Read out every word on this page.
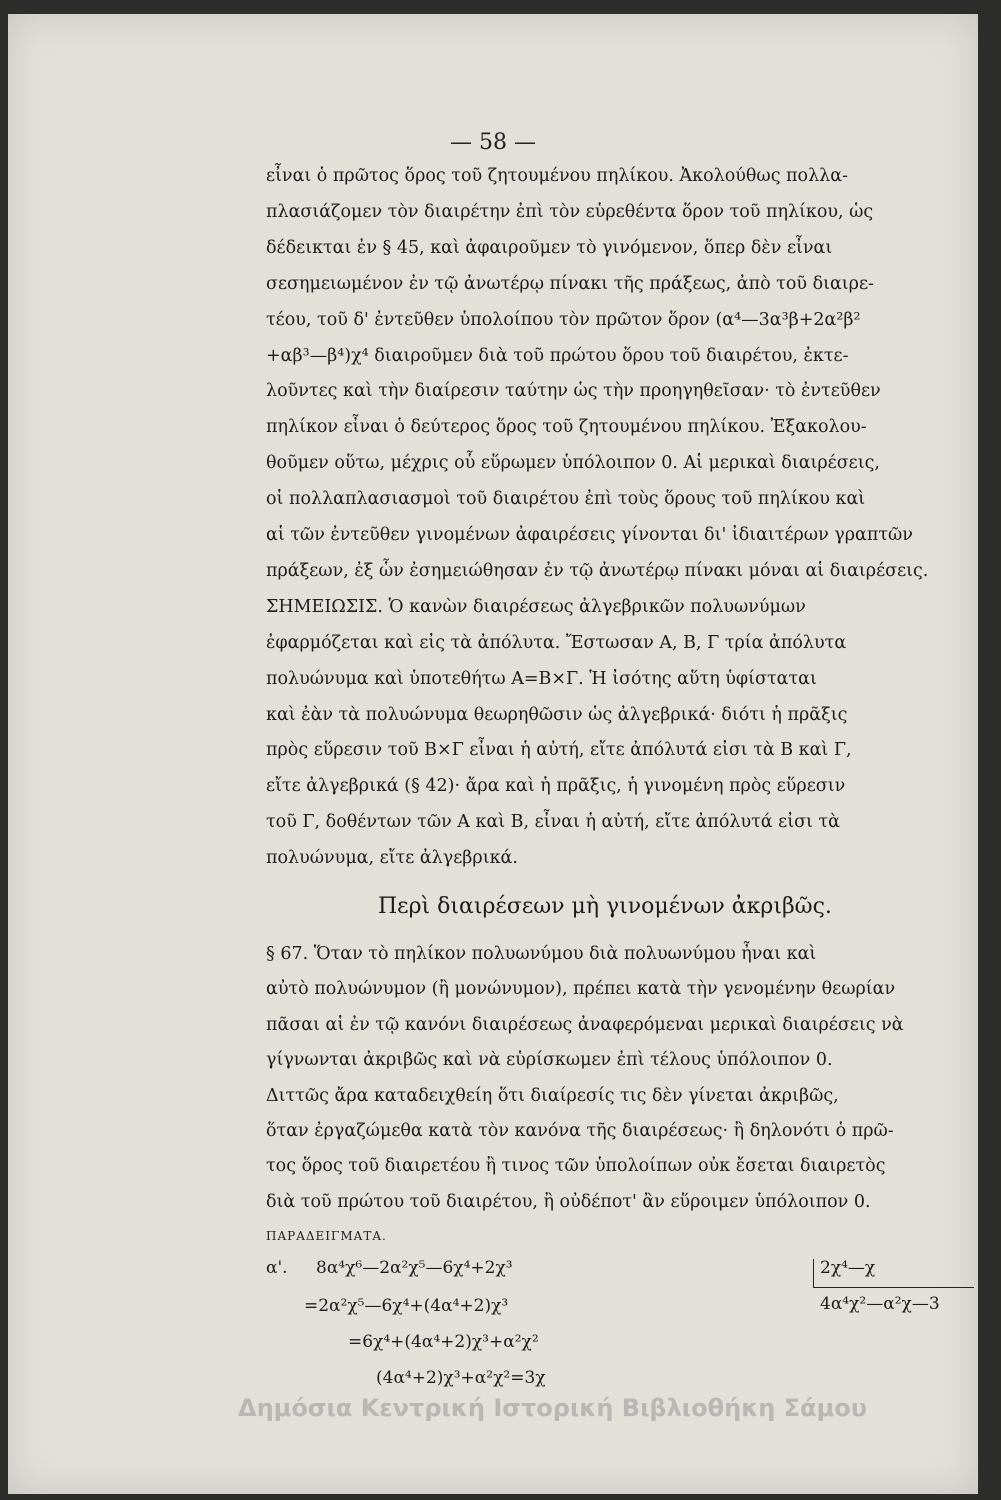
— 58 —
εἶναι ὁ πρῶτος ὅρος τοῦ ζητουμένου πηλίκου. Ἀκολούθως πολλα-
πλασιάζομεν τὸν διαιρέτην ἐπὶ τὸν εὑρεθέντα ὅρον τοῦ πηλίκου, ὡς
δέδεικται ἐν § 45, καὶ ἀφαιροῦμεν τὸ γινόμενον, ὅπερ δὲν εἶναι
σεσημειωμένον ἐν τῷ ἀνωτέρῳ πίνακι τῆς πράξεως, ἀπὸ τοῦ διαιρε-
τέου, τοῦ δ' ἐντεῦθεν ὑπολοίπου τὸν πρῶτον ὅρον (α⁴—3α³β+2α²β²
+αβ³—β⁴)χ⁴ διαιροῦμεν διὰ τοῦ πρώτου ὅρου τοῦ διαιρέτου, ἐκτε-
λοῦντες καὶ τὴν διαίρεσιν ταύτην ὡς τὴν προηγηθεῖσαν· τὸ ἐντεῦθεν
πηλίκον εἶναι ὁ δεύτερος ὅρος τοῦ ζητουμένου πηλίκου. Ἐξακολου-
θοῦμεν οὕτω, μέχρις οὗ εὕρωμεν ὑπόλοιπον 0. Αἱ μερικαὶ διαιρέσεις,
οἱ πολλαπλασιασμοὶ τοῦ διαιρέτου ἐπὶ τοὺς ὅρους τοῦ πηλίκου καὶ
αἱ τῶν ἐντεῦθεν γινομένων ἀφαιρέσεις γίνονται δι' ἰδιαιτέρων γραπτῶν
πράξεων, ἐξ ὧν ἐσημειώθησαν ἐν τῷ ἀνωτέρῳ πίνακι μόναι αἱ διαιρέσεις.
ΣΗΜΕΙΩΣΙΣ. Ὁ κανὼν διαιρέσεως ἀλγεβρικῶν πολυωνύμων
ἐφαρμόζεται καὶ εἰς τὰ ἀπόλυτα. Ἔστωσαν Α, Β, Γ τρία ἀπόλυτα
πολυώνυμα καὶ ὑποτεθήτω Α=Β×Γ. Ἡ ἰσότης αὕτη ὑφίσταται
καὶ ἐὰν τὰ πολυώνυμα θεωρηθῶσιν ὡς ἀλγεβρικά· διότι ἡ πρᾶξις
πρὸς εὕρεσιν τοῦ Β×Γ εἶναι ἡ αὐτή, εἴτε ἀπόλυτά εἰσι τὰ Β καὶ Γ,
εἴτε ἀλγεβρικά (§ 42)· ἄρα καὶ ἡ πρᾶξις, ἡ γινομένη πρὸς εὕρεσιν
τοῦ Γ, δοθέντων τῶν Α καὶ Β, εἶναι ἡ αὐτή, εἴτε ἀπόλυτά εἰσι τὰ
πολυώνυμα, εἴτε ἀλγεβρικά.
Περὶ διαιρέσεων μὴ γινομένων ἀκριβῶς.
§ 67. Ὅταν τὸ πηλίκον πολυωνύμου διὰ πολυωνύμου ἦναι καὶ
αὐτὸ πολυώνυμον (ἢ μονώνυμον), πρέπει κατὰ τὴν γενομένην θεωρίαν
πᾶσαι αἱ ἐν τῷ κανόνι διαιρέσεως ἀναφερόμεναι μερικαὶ διαιρέσεις νὰ
γίγνωνται ἀκριβῶς καὶ νὰ εὑρίσκωμεν ἐπὶ τέλους ὑπόλοιπον 0.
Διττῶς ἄρα καταδειχθείη ὅτι διαίρεσίς τις δὲν γίνεται ἀκριβῶς,
ὅταν ἐργαζώμεθα κατὰ τὸν κανόνα τῆς διαιρέσεως· ἢ δηλονότι ὁ πρῶ-
τος ὅρος τοῦ διαιρετέου ἢ τινος τῶν ὑπολοίπων οὐκ ἔσεται διαιρετὸς
διὰ τοῦ πρώτου τοῦ διαιρέτου, ἢ οὐδέποτ' ἂν εὕροιμεν ὑπόλοιπον 0.
ΠΑΡΑΔΕΙΓΜΑΤΑ.
α'. 8α⁴χ⁶—2α²χ⁵—6χ⁴+2χ³	2χ⁴—χ
4α⁴χ²—α²χ—3
=2α²χ⁵—6χ⁴+(4α⁴+2)χ³
=6χ⁴+(4α⁴+2)χ³+α²χ²
(4α⁴+2)χ³+α²χ²=3χ
Δημόσια Κεντρική Ιστορική Βιβλιοθήκη Σάμου
